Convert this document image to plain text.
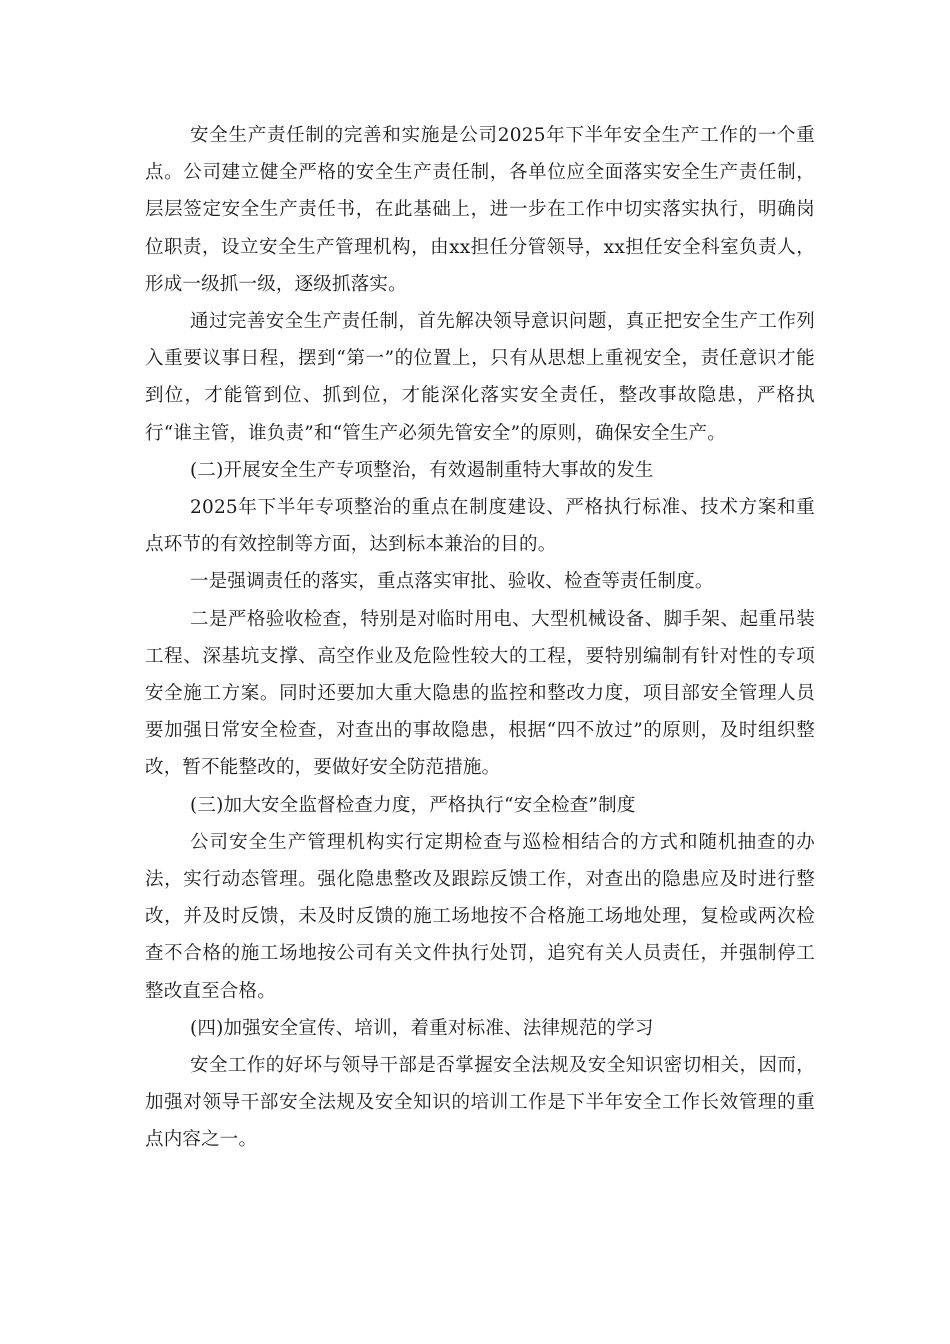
安全生产责任制的完善和实施是公司2025年下半年安全生产工作的一个重点。公司建立健全严格的安全生产责任制，各单位应全面落实安全生产责任制，层层签定安全生产责任书，在此基础上，进一步在工作中切实落实执行，明确岗位职责，设立安全生产管理机构，由xx担任分管领导，xx担任安全科室负责人，形成一级抓一级，逐级抓落实。

通过完善安全生产责任制，首先解决领导意识问题，真正把安全生产工作列入重要议事日程，摆到“第一”的位置上，只有从思想上重视安全，责任意识才能到位，才能管到位、抓到位，才能深化落实安全责任，整改事故隐患，严格执行“谁主管，谁负责”和“管生产必须先管安全”的原则，确保安全生产。

(二)开展安全生产专项整治，有效遏制重特大事故的发生

2025年下半年专项整治的重点在制度建设、严格执行标准、技术方案和重点环节的有效控制等方面，达到标本兼治的目的。

一是强调责任的落实，重点落实审批、验收、检查等责任制度。

二是严格验收检查，特别是对临时用电、大型机械设备、脚手架、起重吊装工程、深基坑支撑、高空作业及危险性较大的工程，要特别编制有针对性的专项安全施工方案。同时还要加大重大隐患的监控和整改力度，项目部安全管理人员要加强日常安全检查，对查出的事故隐患，根据“四不放过”的原则，及时组织整改，暂不能整改的，要做好安全防范措施。

(三)加大安全监督检查力度，严格执行“安全检查”制度

公司安全生产管理机构实行定期检查与巡检相结合的方式和随机抽查的办法，实行动态管理。强化隐患整改及跟踪反馈工作，对查出的隐患应及时进行整改，并及时反馈，未及时反馈的施工场地按不合格施工场地处理，复检或两次检查不合格的施工场地按公司有关文件执行处罚，追究有关人员责任，并强制停工整改直至合格。

(四)加强安全宣传、培训，着重对标准、法律规范的学习

安全工作的好坏与领导干部是否掌握安全法规及安全知识密切相关，因而，加强对领导干部安全法规及安全知识的培训工作是下半年安全工作长效管理的重点内容之一。
